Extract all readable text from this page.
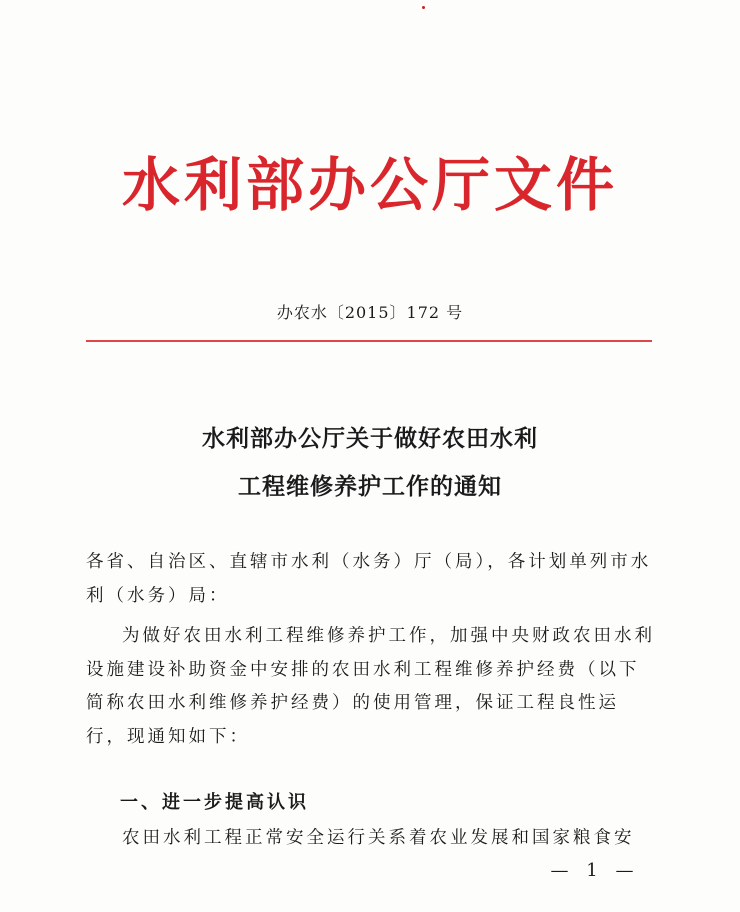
水利部办公厅文件
办农水〔2015〕172 号
水利部办公厅关于做好农田水利
工程维修养护工作的通知
各省、自治区、直辖市水利（水务）厅（局），各计划单列市水利（水务）局：
为做好农田水利工程维修养护工作，加强中央财政农田水利设施建设补助资金中安排的农田水利工程维修养护经费（以下简称农田水利维修养护经费）的使用管理，保证工程良性运行，现通知如下：
一、进一步提高认识
农田水利工程正常安全运行关系着农业发展和国家粮食安
— 1 —
